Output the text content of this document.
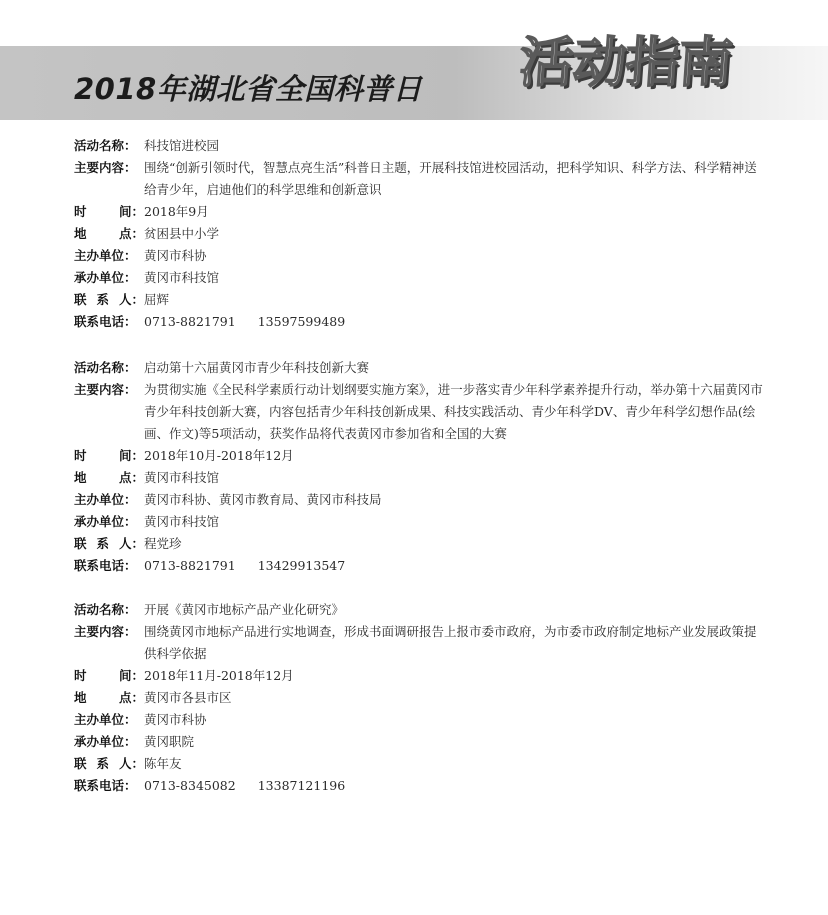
2018年湖北省全国科普日 活动指南
活动名称： 科技馆进校园
主要内容： 围绕“创新引领时代，智慧点亮生活”科普日主题，开展科技馆进校园活动，把科学知识、科学方法、科学精神送给青少年，启迪他们的科学思维和创新意识
时	间： 2018年9月
地	点： 贫困县中小学
主办单位： 黄冈市科协
承办单位： 黄冈市科技馆
联 系 人： 屈辉
联系电话： 0713-8821791 13597599489
活动名称： 启动第十六届黄冈市青少年科技创新大赛
主要内容： 为贯彻实施《全民科学素质行动计划纲要实施方案》，进一步落实青少年科学素养提升行动，举办第十六届黄冈市青少年科技创新大赛，内容包括青少年科技创新成果、科技实践活动、青少年科学DV、青少年科学幻想作品(绘画、作文)等5项活动，获奖作品将代表黄冈市参加省和全国的大赛
时	间： 2018年10月-2018年12月
地	点： 黄冈市科技馆
主办单位： 黄冈市科协、黄冈市教育局、黄冈市科技局
承办单位： 黄冈市科技馆
联 系 人： 程党珍
联系电话： 0713-8821791 13429913547
活动名称： 开展《黄冈市地标产品产业化研究》
主要内容： 围绕黄冈市地标产品进行实地调查，形成书面调研报告上报市委市政府，为市委市政府制定地标产业发展政策提供科学依据
时	间： 2018年11月-2018年12月
地	点： 黄冈市各县市区
主办单位： 黄冈市科协
承办单位： 黄冈职院
联 系 人： 陈年友
联系电话： 0713-8345082 13387121196
